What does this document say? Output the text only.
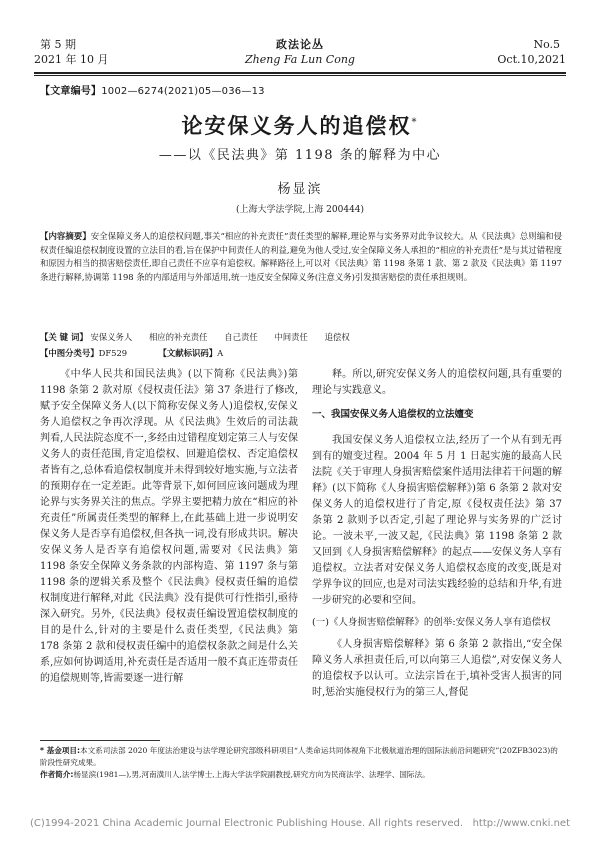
第 5 期
2021 年 10 月
政法论丛
Zheng Fa Lun Cong
No.5
Oct.10,2021
【文章编号】1002—6274(2021)05—036—13
论安保义务人的追偿权*
——以《民法典》第 1198 条的解释为中心
杨显滨
(上海大学法学院,上海 200444)
【内容摘要】安全保障义务人的追偿权问题,事关“相应的补充责任”责任类型的解释,理论界与实务界对此争议较大。从《民法典》总则编和侵权责任编追偿权制度设置的立法目的看,旨在保护中间责任人的利益,避免为他人受过,安全保障义务人承担的“相应的补充责任”是与其过错程度和原因力相当的损害赔偿责任,即自己责任不应享有追偿权。解释路径上,可以对《民法典》第 1198 条第 1 款、第 2 款及《民法典》第 1197 条进行解释,协调第 1198 条的内部适用与外部适用,统一违反安全保障义务(注意义务)引发损害赔偿的责任承担规则。
【关 键 词】 安保义务人 相应的补充责任 自己责任 中间责任 追偿权
【中图分类号】DF529	【文献标识码】A

《中华人民共和国民法典》(以下简称《民法典》)第 1198 条第 2 款对原《侵权责任法》第 37 条进行了修改,赋予安全保障义务人(以下简称安保义务人)追偿权,安保义务人追偿权之争再次浮现。从《民法典》生效后的司法裁判看,人民法院态度不一,多经由过错程度划定第三人与安保义务人的责任范围,肯定追偿权、回避追偿权、否定追偿权者皆有之,总体看追偿权制度并未得到较好地实施,与立法者的预期存在一定差距。此等背景下,如何回应该问题成为理论界与实务界关注的焦点。学界主要把精力放在“相应的补充责任”所属责任类型的解释上,在此基础上进一步说明安保义务人是否享有追偿权,但各执一词,没有形成共识。解决安保义务人是否享有追偿权问题,需要对《民法典》第 1198 条安全保障义务条款的内部构造、第 1197 条与第 1198 条的逻辑关系及整个《民法典》侵权责任编的追偿权制度进行解释,对此《民法典》没有提供可行性指引,亟待深入研究。另外,《民法典》侵权责任编设置追偿权制度的目的是什么,针对的主要是什么责任类型,《民法典》第 178 条第 2 款和侵权责任编中的追偿权条款之间是什么关系,应如何协调适用,补充责任是否适用一般不真正连带责任的追偿规则等,皆需要逐一进行解

释。所以,研究安保义务人的追偿权问题,具有重要的理论与实践意义。

一、我国安保义务人追偿权的立法嬗变

我国安保义务人追偿权立法,经历了一个从有到无再到有的嬗变过程。2004 年 5 月 1 日起实施的最高人民法院《关于审理人身损害赔偿案件适用法律若干问题的解释》(以下简称《人身损害赔偿解释》)第 6 条第 2 款对安保义务人的追偿权进行了肯定,原《侵权责任法》第 37 条第 2 款则予以否定,引起了理论界与实务界的广泛讨论。一波未平,一波又起,《民法典》第 1198 条第 2 款又回到《人身损害赔偿解释》的起点——安保义务人享有追偿权。立法者对安保义务人追偿权态度的改变,既是对学界争议的回应,也是对司法实践经验的总结和升华,有进一步研究的必要和空间。

(一)《人身损害赔偿解释》的创举:安保义务人享有追偿权

《人身损害赔偿解释》第 6 条第 2 款指出,“安全保障义务人承担责任后,可以向第三人追偿”,对安保义务人的追偿权予以认可。立法宗旨在于,填补受害人损害的同时,惩治实施侵权行为的第三人,督促

* 基金项目:本文系司法部 2020 年度法治建设与法学理论研究部级科研项目“人类命运共同体视角下北极航道治理的国际法前沿问题研究”(20ZFB3023)的阶段性研究成果。

作者简介:杨显滨(1981—),男,河南潢川人,法学博士,上海大学法学院副教授,研究方向为民商法学、法理学、国际法。

(C)1994-2021 China Academic Journal Electronic Publishing House. All rights reserved. http://www.cnki.net
